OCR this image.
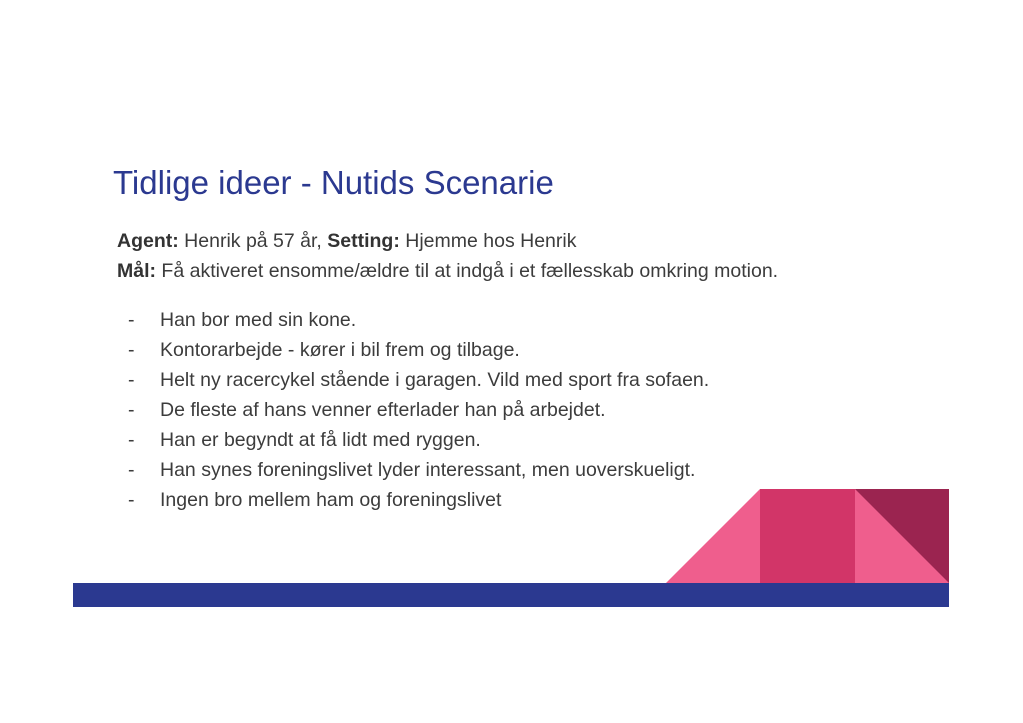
Tidlige ideer - Nutids Scenarie
Agent: Henrik på 57 år, Setting: Hjemme hos Henrik
Mål: Få aktiveret ensomme/ældre til at indgå i et fællesskab omkring motion.
- Han bor med sin kone.
- Kontorarbejde - kører i bil frem og tilbage.
- Helt ny racercykel stående i garagen. Vild med sport fra sofaen.
- De fleste af hans venner efterlader han på arbejdet.
- Han er begyndt at få lidt med ryggen.
- Han synes foreningslivet lyder interessant, men uoverskueligt.
- Ingen bro mellem ham og foreningslivet
